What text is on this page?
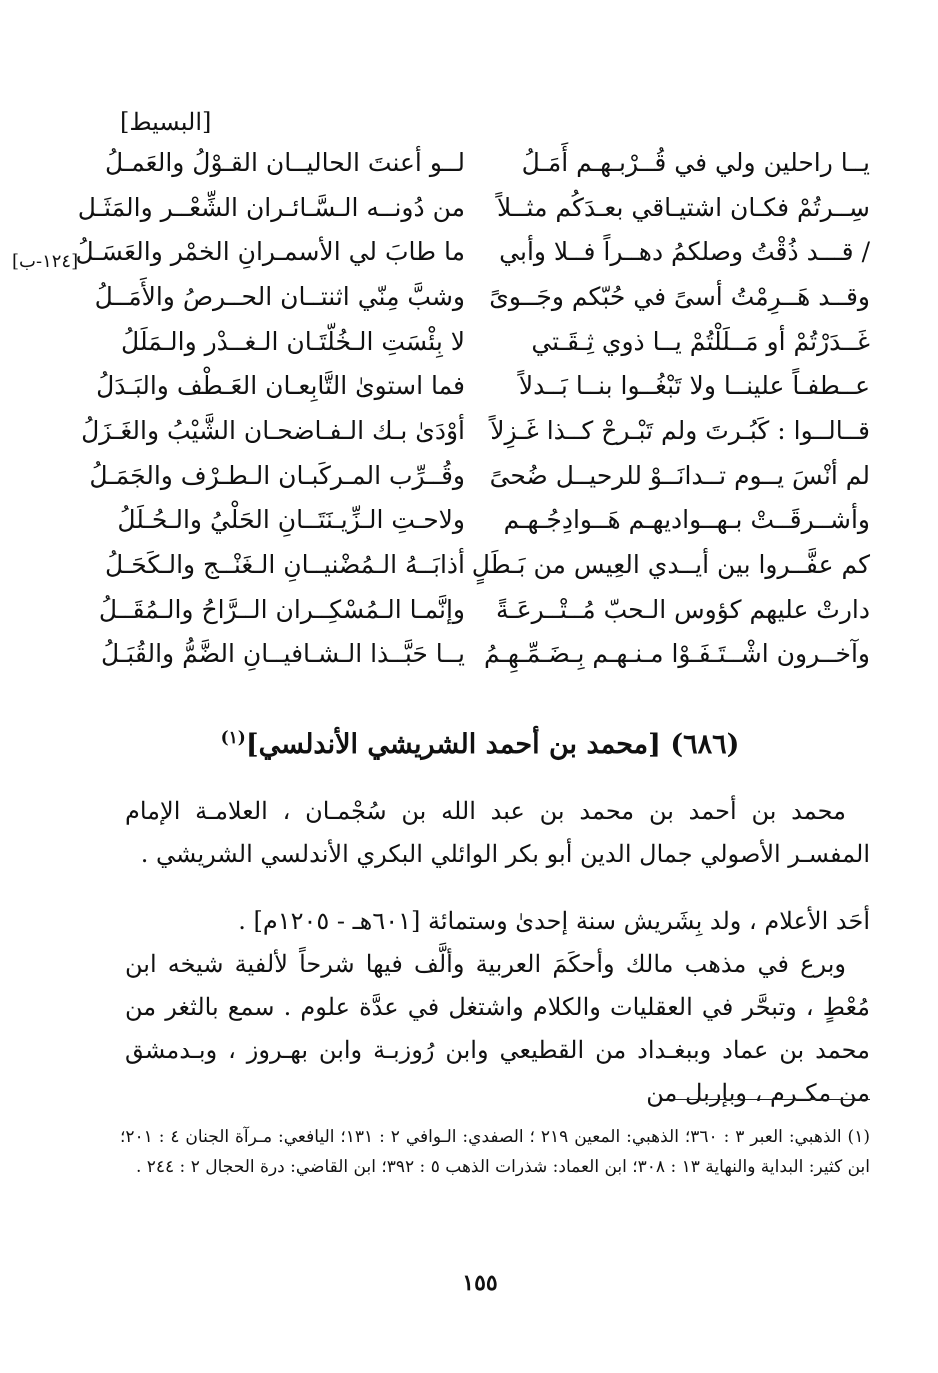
[البسيط]
[١٢٤-ب]
يــا راحلين ولي في قُــرْبـهـم أَمَـلُ
لــو أعنتَ الحاليــان القـوْلُ والعَمـلُ
سِــرتُمْ فكـان اشتيـاقي بعـدَكُم مثــلاً
من دُونــه الـسَّـائـران الشِّعْــر والمَثَـل
/ قـــد ذُقْتُ وصلكمُ دهــراً فــلا وأبي
ما طابَ لي الأسمـرانِ الخمْر والعَسَـلُ
وقــد هَــرِمْتُ أسىً في حُبّكم وجَــوىً
وشبَّ مِنّي اثنتــان الحــرصُ والأَمَــلُ
غَــدَرْتُمْ أو مَــلَلْتُمْ يــا ذوي ثِـقَـتي
لا بِئْسَتِ الـخُلّتَـان الـغــدْر والـمَلَلُ
عــطفـاً علينــا ولا تَبْغُــوا بنــا بَــدلاً
فما استوىٰ التَّابِعـان العَـطْف والبَـدَلُ
قــالــوا : كَبُـرتَ ولم تَبْـرحْ كــذا غَـزِلاً
أوْدَىٰ بـك الـفـاضحـان الشَّيْبُ والغَـزَلُ
لم أنْسَ يــوم تــدانَــوْ للرحيــل ضُحىً
وقُــرِّب المـركَبـان الـطـرْف والجَمَـلُ
وأشــرقَــتْ بـهــواديهـم هَــوادِجُـهـم
ولاحـتِ الـزِّيـنَتَــانِ الحَلْيُ والـحُـلَلُ
كم عفَّــروا بين أيــدي العِيس من بَـطَلٍ
أذابَــهُ الـمُضْنيــانِ الـغَنْــج والـكَحَـلُ
دارتْ عليهم كؤوس الـحبّ مُــتْــرعَـةً
وإنَّمـا الـمُسْكِــران الــرَّاحُ والـمُقَــلُ
وآخــرون اشْــتَـفَـوْا مـنـهـم بِـضَـمِّـهِـمُ
يــا حَبَّــذا الـشـافيــانِ الضَّمُّ والقُبَـلُ
(٦٨٦) [محمد بن أحمد الشريشي الأندلسي]$^{(١)}$

محمد بن أحمد بن محمد بن عبد الله بن سُجْمـان ، العلامـة الإمام المفسـر الأصولي جمال الدين أبو بكر الوائلي البكري الأندلسي الشريشي .

أحَد الأعلام ، ولد بِشَريش سنة إحدىٰ وستمائة [٦٠١هـ - ١٢٠٥م] .

وبرع في مذهب مالك وأحكَمَ العربية وألَّف فيها شرحاً لألفية شيخه ابن مُعْطٍ ، وتبحَّر في العقليات والكلام واشتغل في عدَّة علوم . سمع بالثغر من محمد بن عماد وببغـداد من القطيعي وابن رُوزبـة وابن بهـروز ، وبـدمشق من مكـرم ، وبإربل من

(١) الذهبي: العبر ٣ : ٣٦٠؛ الذهبي: المعين ٢١٩ ؛ الصفدي: الـوافي ٢ : ١٣١؛ اليافعي: مـرآة الجنان ٤ : ٢٠١؛ ابن كثير: البداية والنهاية ١٣ : ٣٠٨؛ ابن العماد: شذرات الذهب ٥ : ٣٩٢؛ ابن القاضي: درة الحجال ٢ : ٢٤٤ .

١٥٥
